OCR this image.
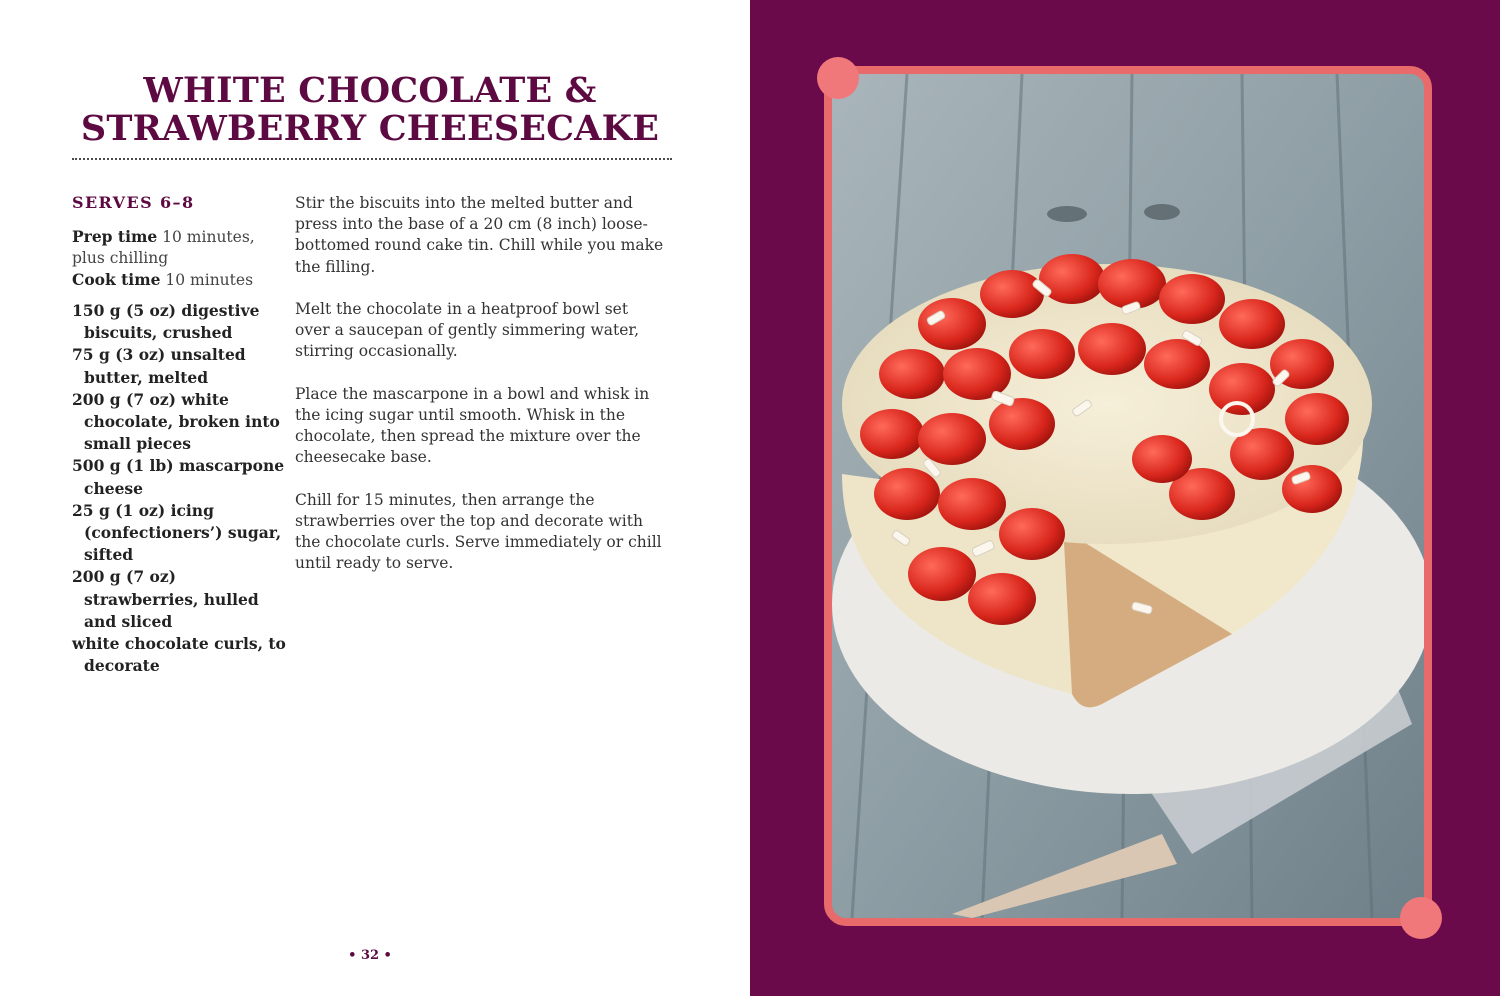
WHITE CHOCOLATE &
STRAWBERRY CHEESECAKE
SERVES 6–8
Prep time 10 minutes, plus chilling
Cook time 10 minutes
150 g (5 oz) digestive biscuits, crushed
75 g (3 oz) unsalted butter, melted
200 g (7 oz) white chocolate, broken into small pieces
500 g (1 lb) mascarpone cheese
25 g (1 oz) icing (confectioners’) sugar, sifted
200 g (7 oz) strawberries, hulled and sliced
white chocolate curls, to decorate

Stir the biscuits into the melted butter and press into the base of a 20 cm (8 inch) loose-bottomed round cake tin. Chill while you make the filling.

Melt the chocolate in a heatproof bowl set over a saucepan of gently simmering water, stirring occasionally.

Place the mascarpone in a bowl and whisk in the icing sugar until smooth. Whisk in the chocolate, then spread the mixture over the cheesecake base.

Chill for 15 minutes, then arrange the strawberries over the top and decorate with the chocolate curls. Serve immediately or chill until ready to serve.

• 32 •
